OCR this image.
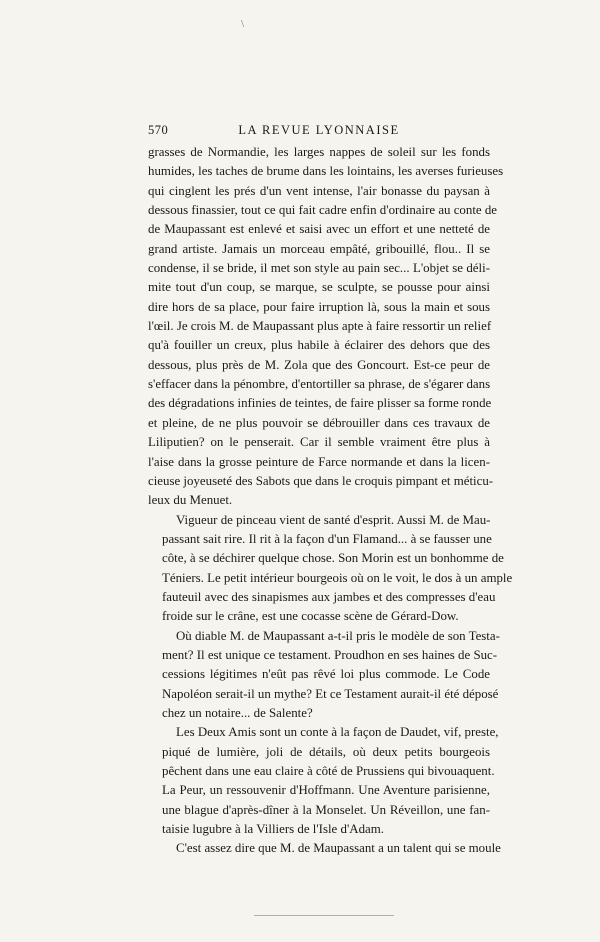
570	LA REVUE LYONNAISE

grasses de Normandie, les larges nappes de soleil sur les fonds
humides, les taches de brume dans les lointains, les averses furieuses
qui cinglent les prés d'un vent intense, l'air bonasse du paysan à
dessous finassier, tout ce qui fait cadre enfin d'ordinaire au conte de
de Maupassant est enlevé et saisi avec un effort et une netteté de
grand artiste. Jamais un morceau empâté, gribouillé, flou.. Il se
condense, il se bride, il met son style au pain sec... L'objet se déli-
mite tout d'un coup, se marque, se sculpte, se pousse pour ainsi
dire hors de sa place, pour faire irruption là, sous la main et sous
l'œil. Je crois M. de Maupassant plus apte à faire ressortir un relief
qu'à fouiller un creux, plus habile à éclairer des dehors que des
dessous, plus près de M. Zola que des Goncourt. Est-ce peur de
s'effacer dans la pénombre, d'entortiller sa phrase, de s'égarer dans
des dégradations infinies de teintes, de faire plisser sa forme ronde
et pleine, de ne plus pouvoir se débrouiller dans ces travaux de
Liliputien? on le penserait. Car il semble vraiment être plus à
l'aise dans la grosse peinture de Farce normande et dans la licen-
cieuse joyeuseté des Sabots que dans le croquis pimpant et méticu-
leux du Menuet.

Vigueur de pinceau vient de santé d'esprit. Aussi M. de Mau-
passant sait rire. Il rit à la façon d'un Flamand... à se fausser une
côte, à se déchirer quelque chose. Son Morin est un bonhomme de
Téniers. Le petit intérieur bourgeois où on le voit, le dos à un ample
fauteuil avec des sinapismes aux jambes et des compresses d'eau
froide sur le crâne, est une cocasse scène de Gérard-Dow.

Où diable M. de Maupassant a-t-il pris le modèle de son Testa-
ment? Il est unique ce testament. Proudhon en ses haines de Suc-
cessions légitimes n'eût pas rêvé loi plus commode. Le Code
Napoléon serait-il un mythe? Et ce Testament aurait-il été déposé
chez un notaire... de Salente?

Les Deux Amis sont un conte à la façon de Daudet, vif, preste,
piqué de lumière, joli de détails, où deux petits bourgeois
pêchent dans une eau claire à côté de Prussiens qui bivouaquent.
La Peur, un ressouvenir d'Hoffmann. Une Aventure parisienne,
une blague d'après-dîner à la Monselet. Un Réveillon, une fan-
taisie lugubre à la Villiers de l'Isle d'Adam.

C'est assez dire que M. de Maupassant a un talent qui se moule

\
